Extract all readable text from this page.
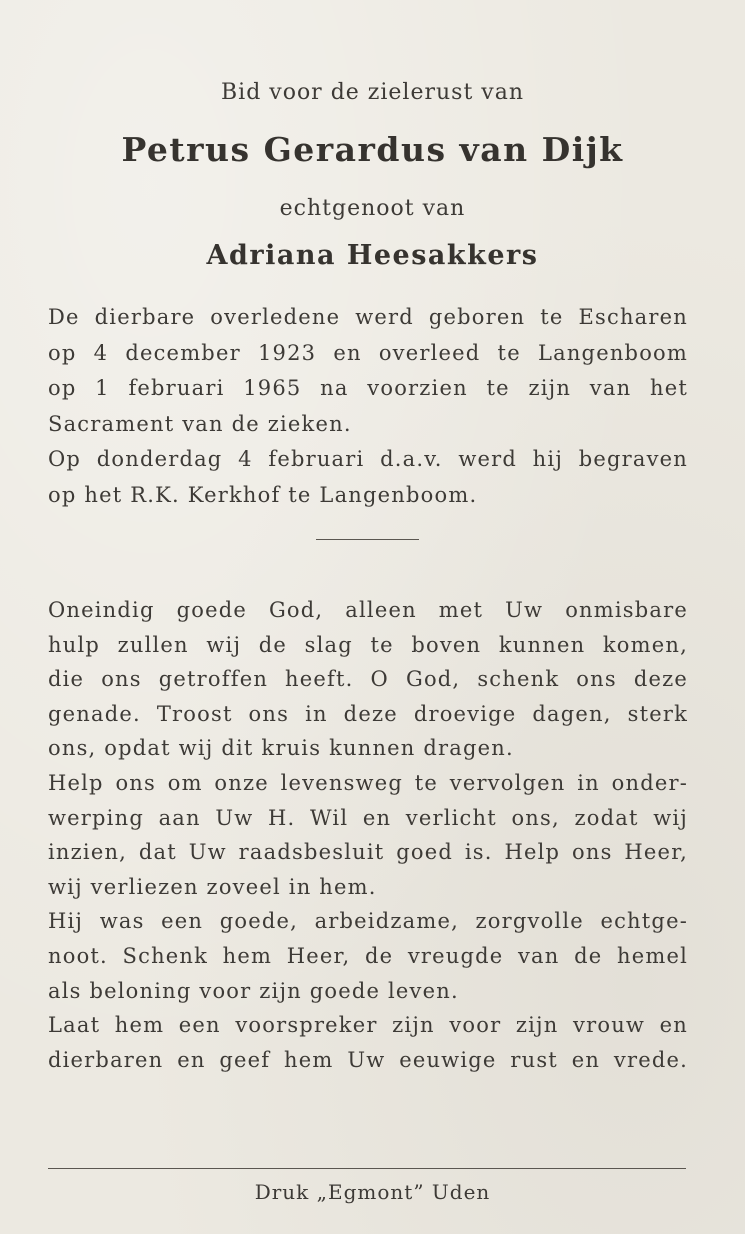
Bid voor de zielerust van

Petrus Gerardus van Dijk

echtgenoot van

Adriana Heesakkers

De dierbare overledene werd geboren te Escharen
op 4 december 1923 en overleed te Langenboom
op 1 februari 1965 na voorzien te zijn van het
Sacrament van de zieken.
Op donderdag 4 februari d.a.v. werd hij begraven
op het R.K. Kerkhof te Langenboom.
Oneindig goede God, alleen met Uw onmisbare
hulp zullen wij de slag te boven kunnen komen,
die ons getroffen heeft. O God, schenk ons deze
genade. Troost ons in deze droevige dagen, sterk
ons, opdat wij dit kruis kunnen dragen.
Help ons om onze levensweg te vervolgen in onder-
werping aan Uw H. Wil en verlicht ons, zodat wij
inzien, dat Uw raadsbesluit goed is. Help ons Heer,
wij verliezen zoveel in hem.
Hij was een goede, arbeidzame, zorgvolle echtge-
noot. Schenk hem Heer, de vreugde van de hemel
als beloning voor zijn goede leven.
Laat hem een voorspreker zijn voor zijn vrouw en
dierbaren en geef hem Uw eeuwige rust en vrede.

Druk „Egmont” Uden
